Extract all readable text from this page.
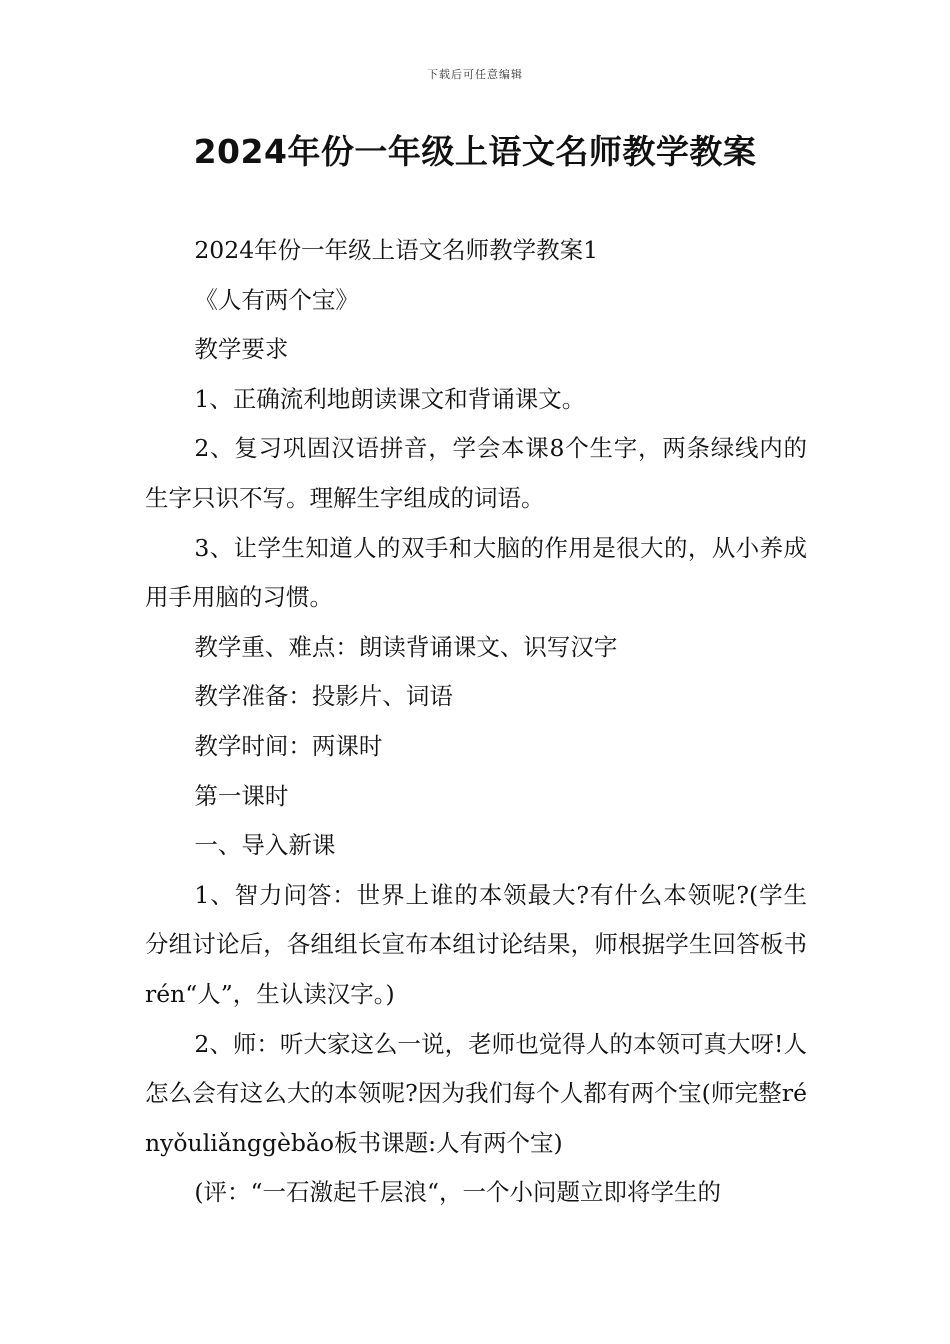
下载后可任意编辑
2024年份一年级上语文名师教学教案

2024年份一年级上语文名师教学教案1

《人有两个宝》

教学要求

1、正确流利地朗读课文和背诵课文。

2、复习巩固汉语拼音，学会本课8个生字，两条绿线内的生字只识不写。理解生字组成的词语。

3、让学生知道人的双手和大脑的作用是很大的，从小养成用手用脑的习惯。

教学重、难点：朗读背诵课文、识写汉字

教学准备：投影片、词语

教学时间：两课时

第一课时

一、导入新课

1、智力问答：世界上谁的本领最大?有什么本领呢?(学生分组讨论后，各组组长宣布本组讨论结果，师根据学生回答板书rén“人”，生认读汉字。)

2、师：听大家这么一说，老师也觉得人的本领可真大呀!人怎么会有这么大的本领呢?因为我们每个人都有两个宝(师完整rényǒuliǎnggèbǎo板书课题:人有两个宝)

(评：“一石激起千层浪“，一个小问题立即将学生的
